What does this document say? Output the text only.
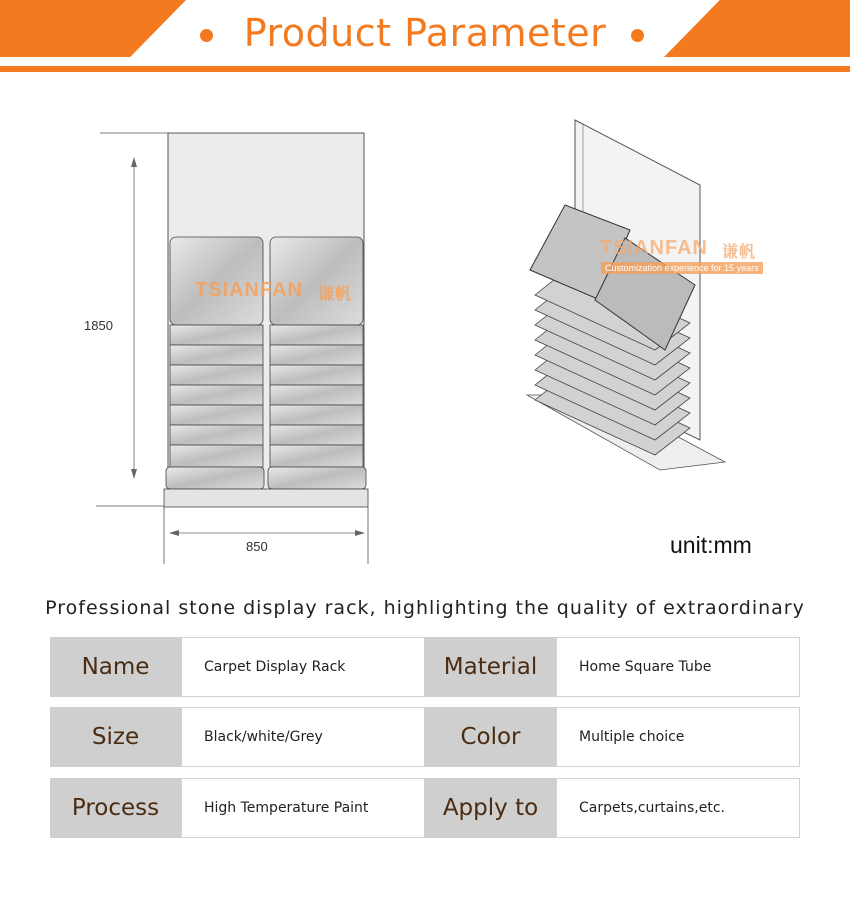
Product Parameter
1850
850
TSIANFAN 谦帆
TSIANFAN 谦帆
Customization experience for 15 years
unit:mm
Professional stone display rack, highlighting the quality of extraordinary
Name	Carpet Display Rack	Material	Home Square Tube
Size	Black/white/Grey	Color	Multiple choice
Process	High Temperature Paint	Apply to	Carpets,curtains,etc.
